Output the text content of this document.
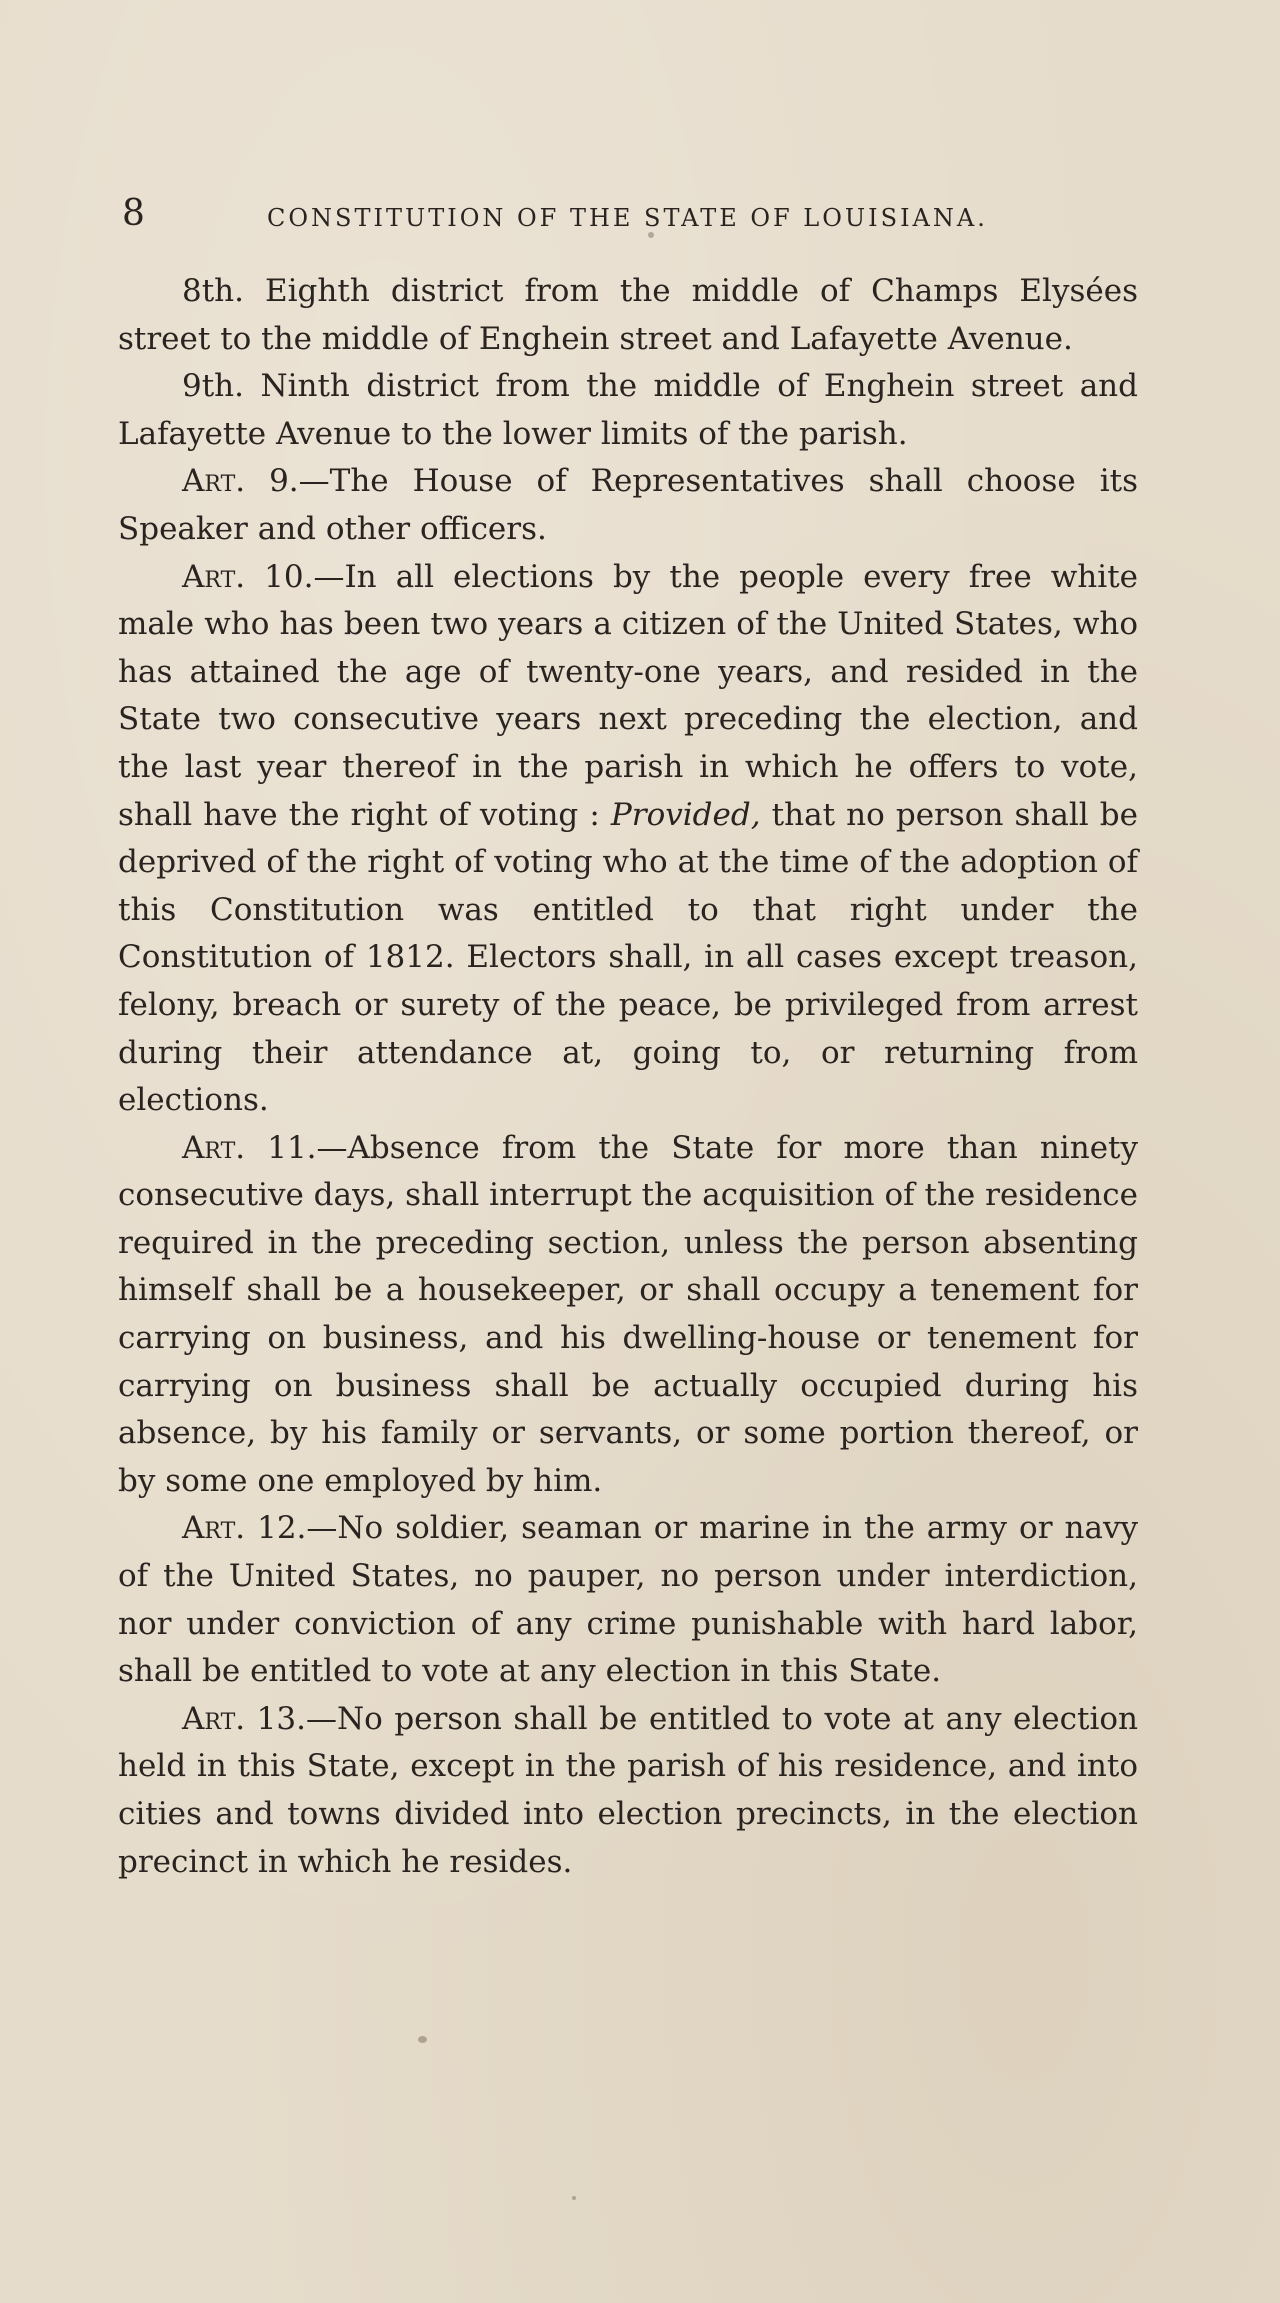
8	CONSTITUTION OF THE STATE OF LOUISIANA.

8th. Eighth district from the middle of Champs Elysées street to the middle of Enghein street and Lafayette Avenue.

9th. Ninth district from the middle of Enghein street and Lafayette Avenue to the lower limits of the parish.

Art. 9.—The House of Representatives shall choose its Speaker and other officers.

Art. 10.—In all elections by the people every free white male who has been two years a citizen of the United States, who has attained the age of twenty-one years, and resided in the State two consecutive years next preceding the election, and the last year thereof in the parish in which he offers to vote, shall have the right of voting : Provided, that no person shall be deprived of the right of voting who at the time of the adoption of this Constitution was entitled to that right under the Constitution of 1812. Electors shall, in all cases except treason, felony, breach or surety of the peace, be privileged from arrest during their attendance at, going to, or returning from elections.

Art. 11.—Absence from the State for more than ninety consecutive days, shall interrupt the acquisition of the residence required in the preceding section, unless the person absenting himself shall be a housekeeper, or shall occupy a tenement for carrying on business, and his dwelling-house or tenement for carrying on business shall be actually occupied during his absence, by his family or servants, or some portion thereof, or by some one employed by him.

Art. 12.—No soldier, seaman or marine in the army or navy of the United States, no pauper, no person under interdiction, nor under conviction of any crime punishable with hard labor, shall be entitled to vote at any election in this State.

Art. 13.—No person shall be entitled to vote at any election held in this State, except in the parish of his residence, and into cities and towns divided into election precincts, in the election precinct in which he resides.
